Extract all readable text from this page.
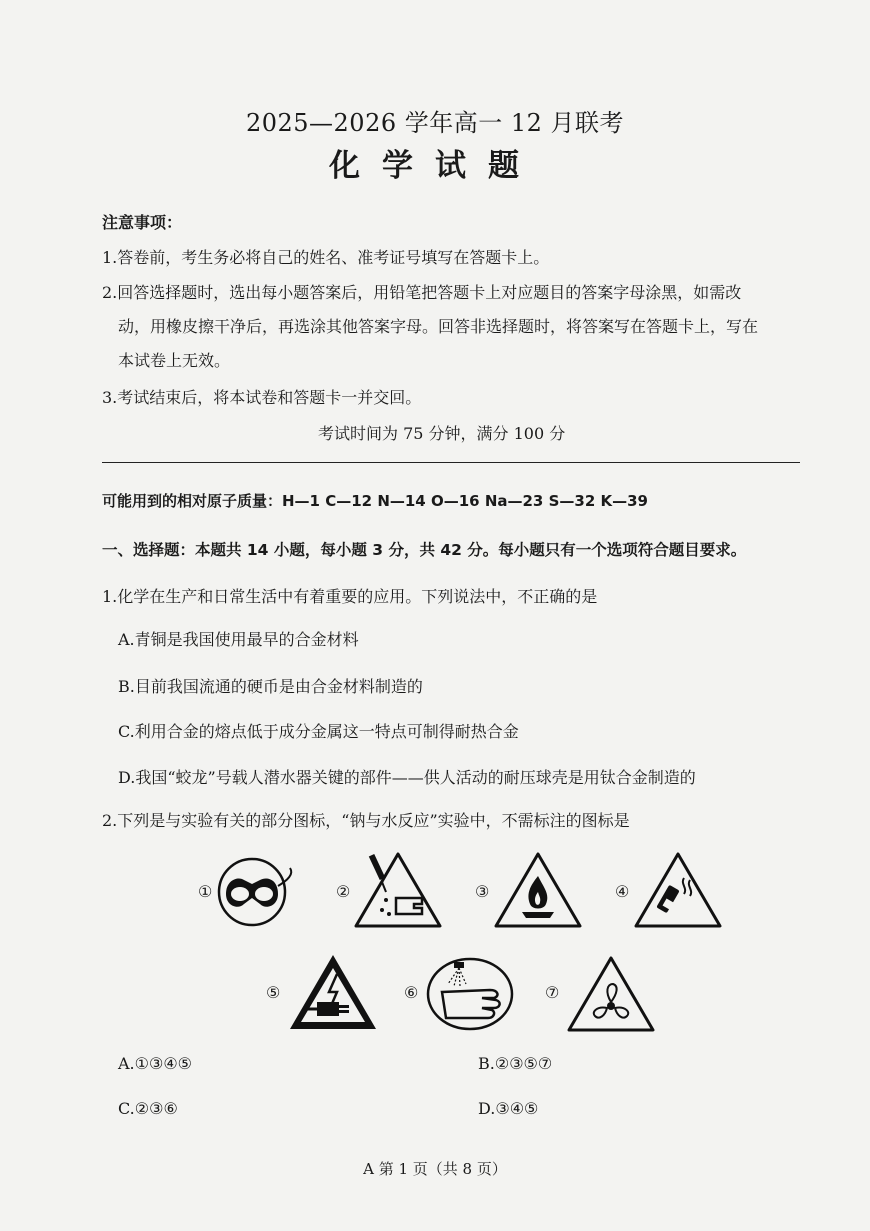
2025—2026 学年高一 12 月联考
化学试题
注意事项：
1.答卷前，考生务必将自己的姓名、准考证号填写在答题卡上。
2.回答选择题时，选出每小题答案后，用铅笔把答题卡上对应题目的答案字母涂黑，如需改
动，用橡皮擦干净后，再选涂其他答案字母。回答非选择题时，将答案写在答题卡上，写在
本试卷上无效。
3.考试结束后，将本试卷和答题卡一并交回。
考试时间为 75 分钟，满分 100 分
可能用到的相对原子质量：H—1 C—12 N—14 O—16 Na—23 S—32 K—39
一、选择题：本题共 14 小题，每小题 3 分，共 42 分。每小题只有一个选项符合题目要求。
1.化学在生产和日常生活中有着重要的应用。下列说法中，不正确的是
A.青铜是我国使用最早的合金材料
B.目前我国流通的硬币是由合金材料制造的
C.利用合金的熔点低于成分金属这一特点可制得耐热合金
D.我国“蛟龙”号载人潜水器关键的部件——供人活动的耐压球壳是用钛合金制造的
2.下列是与实验有关的部分图标，“钠与水反应”实验中，不需标注的图标是
①	②	③	④
⑤	⑥	⑦
A.①③④⑤	B.②③⑤⑦
C.②③⑥	D.③④⑤
A 第 1 页（共 8 页）
